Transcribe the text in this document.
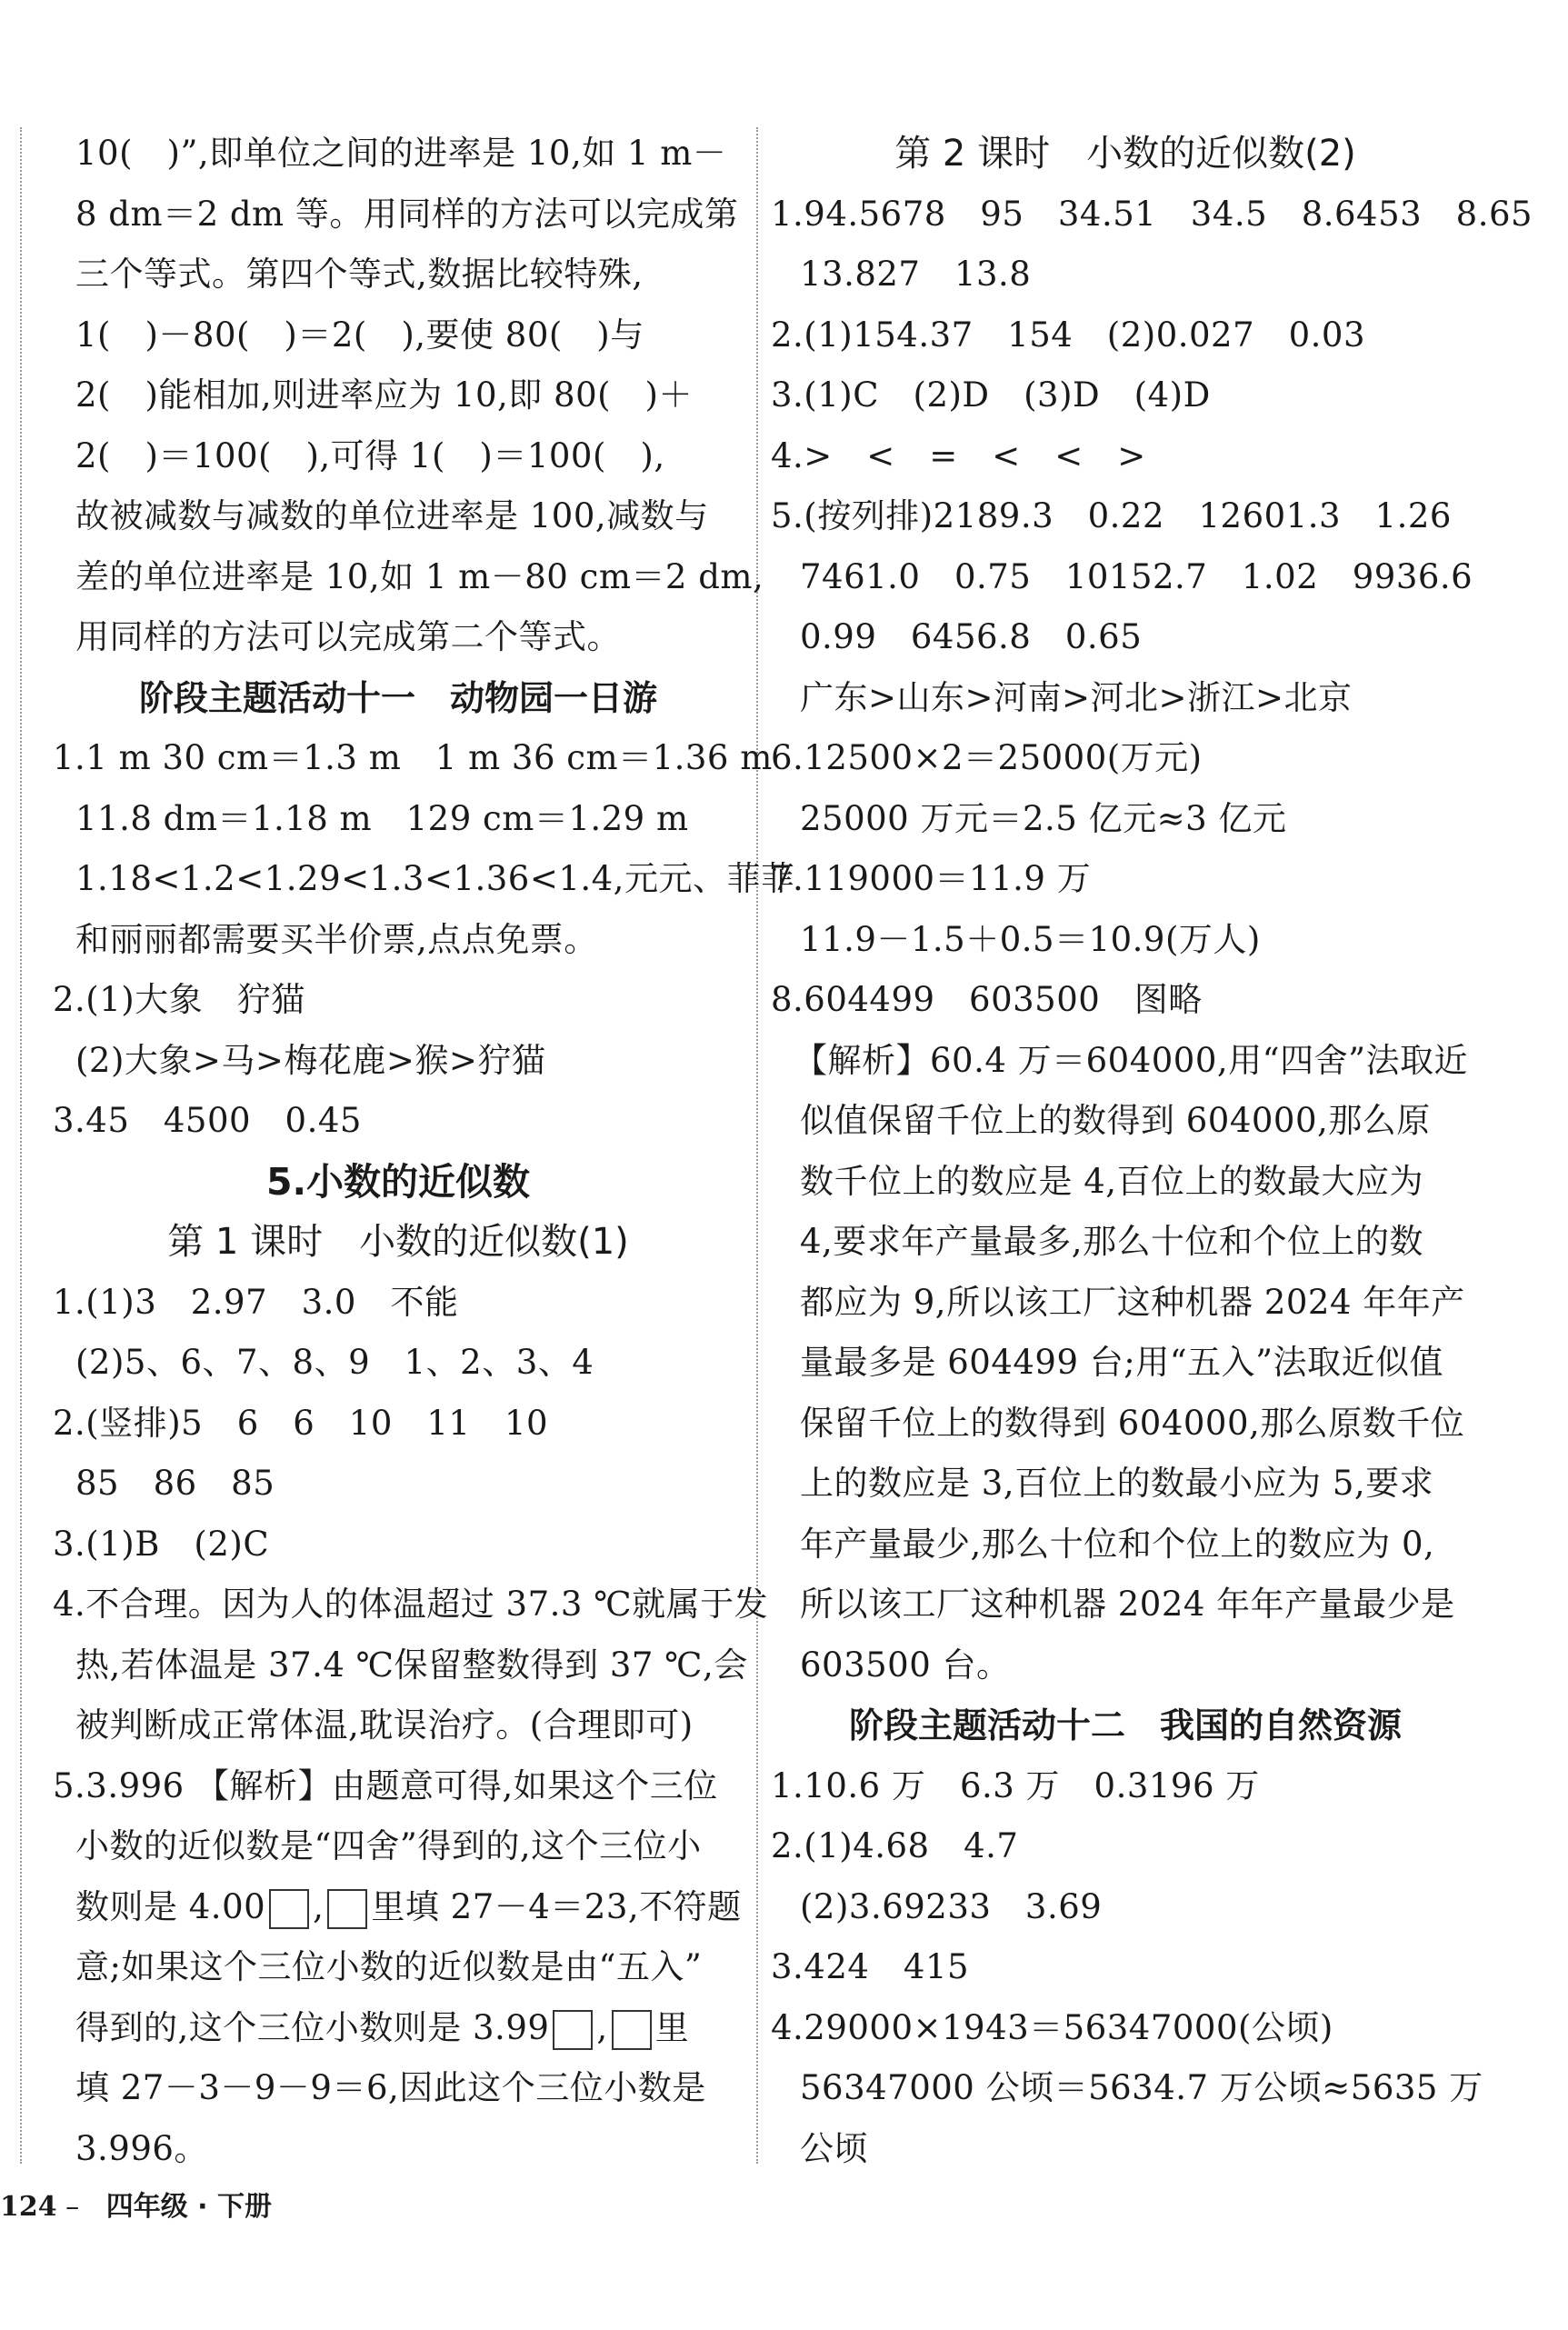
10(　)”,即单位之间的进率是 10,如 1 m－
8 dm＝2 dm 等。用同样的方法可以完成第
三个等式。第四个等式,数据比较特殊,
1(　)－80(　)＝2(　),要使 80(　)与
2(　)能相加,则进率应为 10,即 80(　)＋
2(　)＝100(　),可得 1(　)＝100(　),
故被减数与减数的单位进率是 100,减数与
差的单位进率是 10,如 1 m－80 cm＝2 dm,
用同样的方法可以完成第二个等式。
阶段主题活动十一　动物园一日游
1.1 m 30 cm＝1.3 m　1 m 36 cm＝1.36 m
11.8 dm＝1.18 m　129 cm＝1.29 m
1.18<1.2<1.29<1.3<1.36<1.4,元元、菲菲
和丽丽都需要买半价票,点点免票。
2.(1)大象　狞猫
(2)大象>马>梅花鹿>猴>狞猫
3.45　4500　0.45
5.小数的近似数
第 1 课时　小数的近似数(1)
1.(1)3　2.97　3.0　不能
(2)5、6、7、8、9　1、2、3、4
2.(竖排)5　6　6　10　11　10
85　86　85
3.(1)B　(2)C
4.不合理。因为人的体温超过 37.3 ℃就属于发
热,若体温是 37.4 ℃保留整数得到 37 ℃,会
被判断成正常体温,耽误治疗。(合理即可)
5.3.996 【解析】由题意可得,如果这个三位
小数的近似数是“四舍”得到的,这个三位小
数则是 4.00 , 里填 27－4＝23,不符题
意;如果这个三位小数的近似数是由“五入”
得到的,这个三位小数则是 3.99 , 里
填 27－3－9－9＝6,因此这个三位小数是
3.996。
第 2 课时　小数的近似数(2)
1.94.5678　95　34.51　34.5　8.6453　8.65
13.827　13.8
2.(1)154.37　154　(2)0.027　0.03
3.(1)C　(2)D　(3)D　(4)D
4.>　<　=　<　<　>
5.(按列排)2189.3　0.22　12601.3　1.26
7461.0　0.75　10152.7　1.02　9936.6
0.99　6456.8　0.65
广东>山东>河南>河北>浙江>北京
6.12500×2＝25000(万元)
25000 万元＝2.5 亿元≈3 亿元
7.119000＝11.9 万
11.9－1.5＋0.5＝10.9(万人)
8.604499　603500　图略
【解析】60.4 万＝604000,用“四舍”法取近
似值保留千位上的数得到 604000,那么原
数千位上的数应是 4,百位上的数最大应为
4,要求年产量最多,那么十位和个位上的数
都应为 9,所以该工厂这种机器 2024 年年产
量最多是 604499 台;用“五入”法取近似值
保留千位上的数得到 604000,那么原数千位
上的数应是 3,百位上的数最小应为 5,要求
年产量最少,那么十位和个位上的数应为 0,
所以该工厂这种机器 2024 年年产量最少是
603500 台。
阶段主题活动十二　我国的自然资源
1.10.6 万　6.3 万　0.3196 万
2.(1)4.68　4.7
(2)3.69233　3.69
3.424　415
4.29000×1943＝56347000(公顷)
56347000 公顷＝5634.7 万公顷≈5635 万
公顷
124 – 四年级 · 下册
